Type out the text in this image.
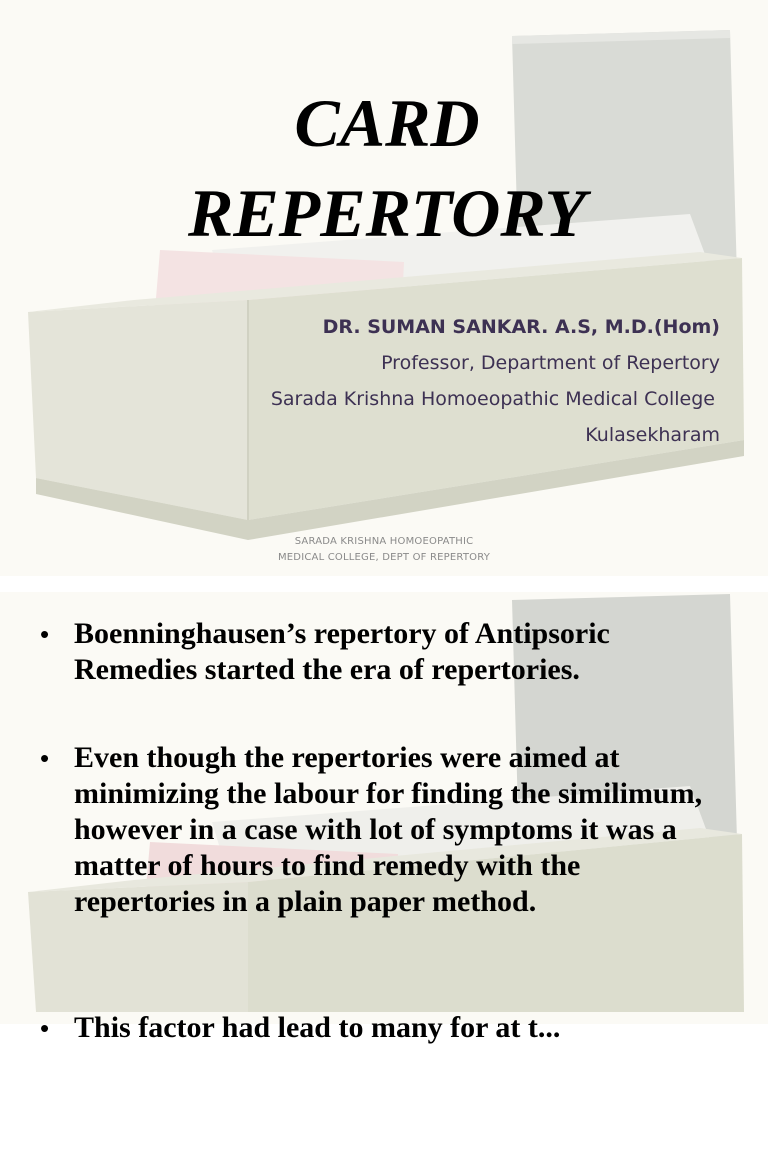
CARD
REPERTORY

DR. SUMAN SANKAR. A.S, M.D.(Hom)

Professor, Department of Repertory

Sarada Krishna Homoeopathic Medical College

Kulasekharam

SARADA KRISHNA HOMOEOPATHIC

MEDICAL COLLEGE, DEPT OF REPERTORY

• Boenninghausen’s repertory of Antipsoric Remedies started the era of repertories.
• Even though the repertories were aimed at minimizing the labour for finding the similimum, however in a case with lot of symptoms it was a matter of hours to find remedy with the repertories in a plain paper method.
• This factor had lead to many for at t...
